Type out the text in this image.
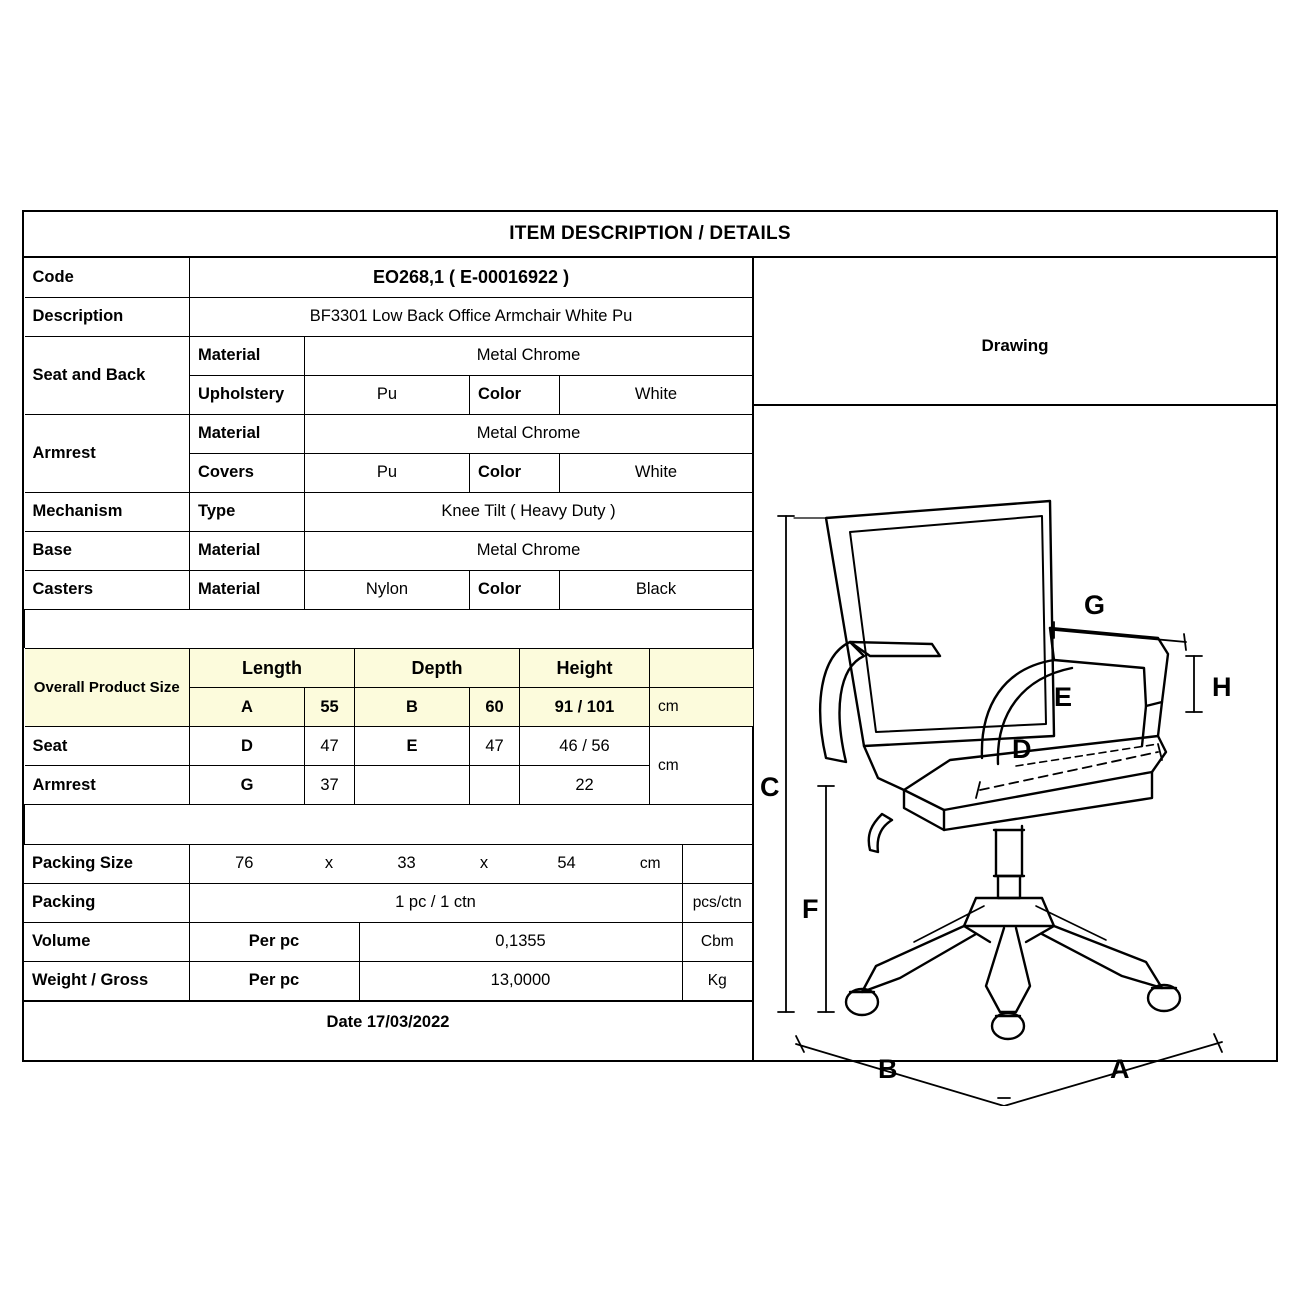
ITEM DESCRIPTION / DETAILS
Code	EO268,1 ( E-00016922 )			
Description	BF3301 Low Back Office Armchair White Pu			
Seat and Back	Material	Metal Chrome		
	Upholstery	Pu	Color	White
Armrest	Material	Metal Chrome		
	Covers	Pu	Color	White
Mechanism	Type	Knee Tilt ( Heavy Duty )		
Base	Material	Metal Chrome		
Casters	Material	Nylon	Color	Black

Overall Product Size	Length		Depth		Height	
	A	55	B	60	91 / 101	cm
Seat	D	47	E	47	46 / 56	cm
Armrest	G	37			22	

Packing Size	76	x	33	x	54	cm	
Packing	1 pc / 1 ctn						pcs/ctn
Volume	Per pc		0,1355				Cbm
Weight / Gross	Per pc		13,0000				Kg
Date 17/03/2022
Drawing
C
F
G
H
E
D
B	A
